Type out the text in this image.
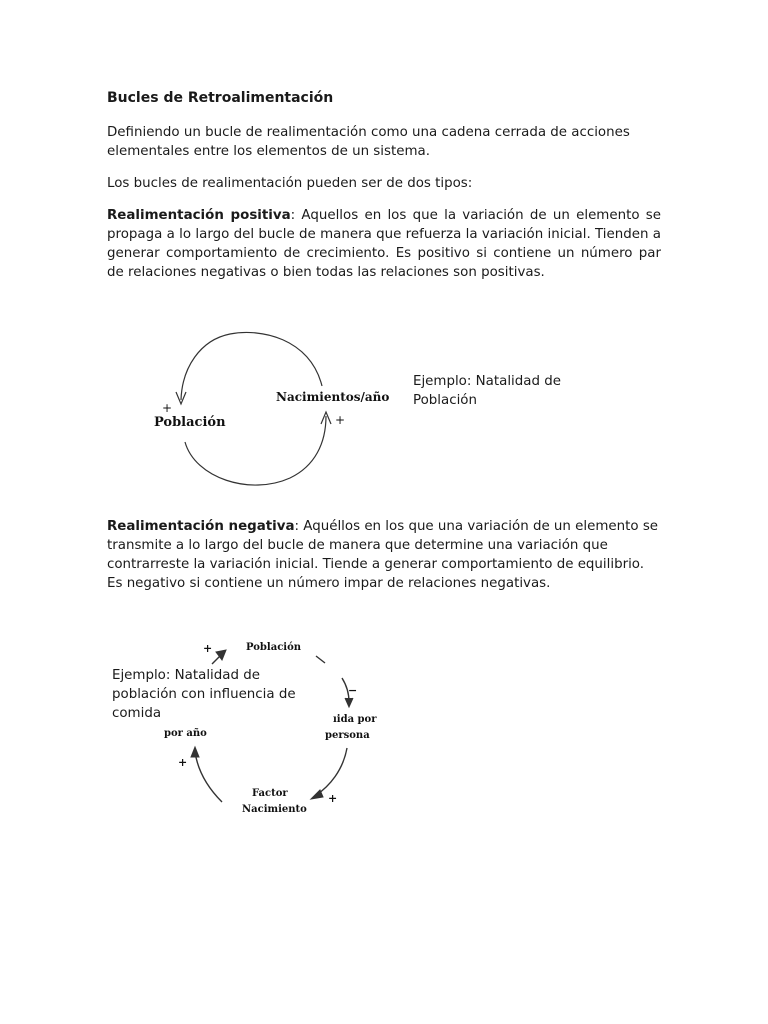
Bucles de Retroalimentación

Definiendo un bucle de realimentación como una cadena cerrada de acciones elementales entre los elementos de un sistema.

Los bucles de realimentación pueden ser de dos tipos:

Realimentación positiva: Aquellos en los que la variación de un elemento se propaga a lo largo del bucle de manera que refuerza la variación inicial. Tienden a generar comportamiento de crecimiento. Es positivo si contiene un número par de relaciones negativas o bien todas las relaciones son positivas.

Población
Nacimientos/año
+
+

Ejemplo: Natalidad de Población

Realimentación negativa: Aquéllos en los que una variación de un elemento se transmite a lo largo del bucle de manera que determine una variación que contrarreste la variación inicial. Tiende a generar comportamiento de equilibrio. Es negativo si contiene un número impar de relaciones negativas.

Población
−
ıida por
persona
+
Factor
Nacimiento
+
por año
+

Ejemplo: Natalidad de población con influencia de comida
